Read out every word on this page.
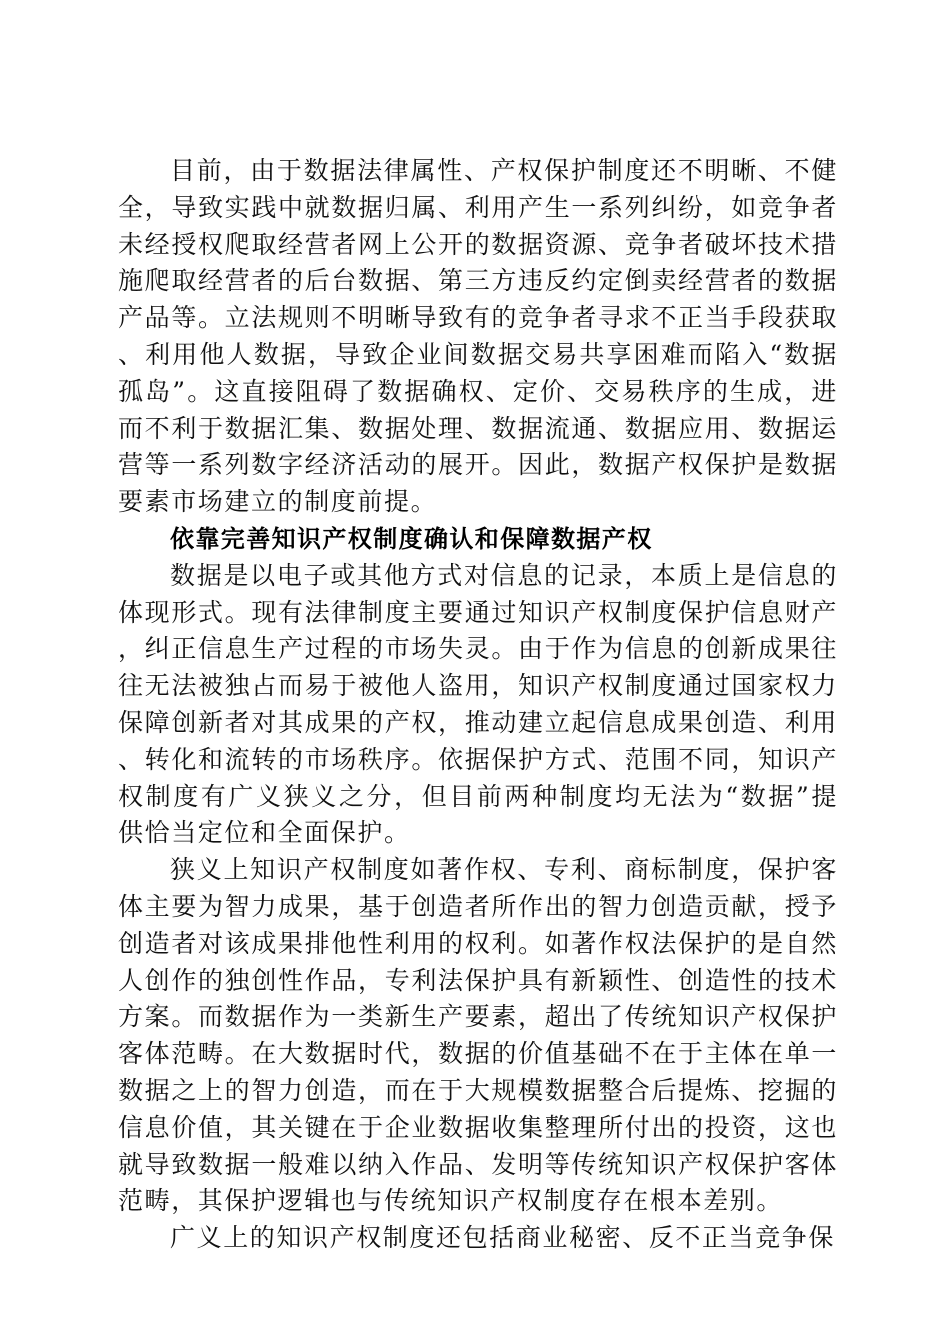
目前，由于数据法律属性、产权保护制度还不明晰、不健全，导致实践中就数据归属、利用产生一系列纠纷，如竞争者未经授权爬取经营者网上公开的数据资源、竞争者破坏技术措施爬取经营者的后台数据、第三方违反约定倒卖经营者的数据产品等。立法规则不明晰导致有的竞争者寻求不正当手段获取、利用他人数据，导致企业间数据交易共享困难而陷入“数据孤岛”。这直接阻碍了数据确权、定价、交易秩序的生成，进而不利于数据汇集、数据处理、数据流通、数据应用、数据运营等一系列数字经济活动的展开。因此，数据产权保护是数据要素市场建立的制度前提。

依靠完善知识产权制度确认和保障数据产权

数据是以电子或其他方式对信息的记录，本质上是信息的体现形式。现有法律制度主要通过知识产权制度保护信息财产，纠正信息生产过程的市场失灵。由于作为信息的创新成果往往无法被独占而易于被他人盗用，知识产权制度通过国家权力保障创新者对其成果的产权，推动建立起信息成果创造、利用、转化和流转的市场秩序。依据保护方式、范围不同，知识产权制度有广义狭义之分，但目前两种制度均无法为“数据”提供恰当定位和全面保护。

狭义上知识产权制度如著作权、专利、商标制度，保护客体主要为智力成果，基于创造者所作出的智力创造贡献，授予创造者对该成果排他性利用的权利。如著作权法保护的是自然人创作的独创性作品，专利法保护具有新颖性、创造性的技术方案。而数据作为一类新生产要素，超出了传统知识产权保护客体范畴。在大数据时代，数据的价值基础不在于主体在单一数据之上的智力创造，而在于大规模数据整合后提炼、挖掘的信息价值，其关键在于企业数据收集整理所付出的投资，这也就导致数据一般难以纳入作品、发明等传统知识产权保护客体范畴，其保护逻辑也与传统知识产权制度存在根本差别。

广义上的知识产权制度还包括商业秘密、反不正当竞争保
